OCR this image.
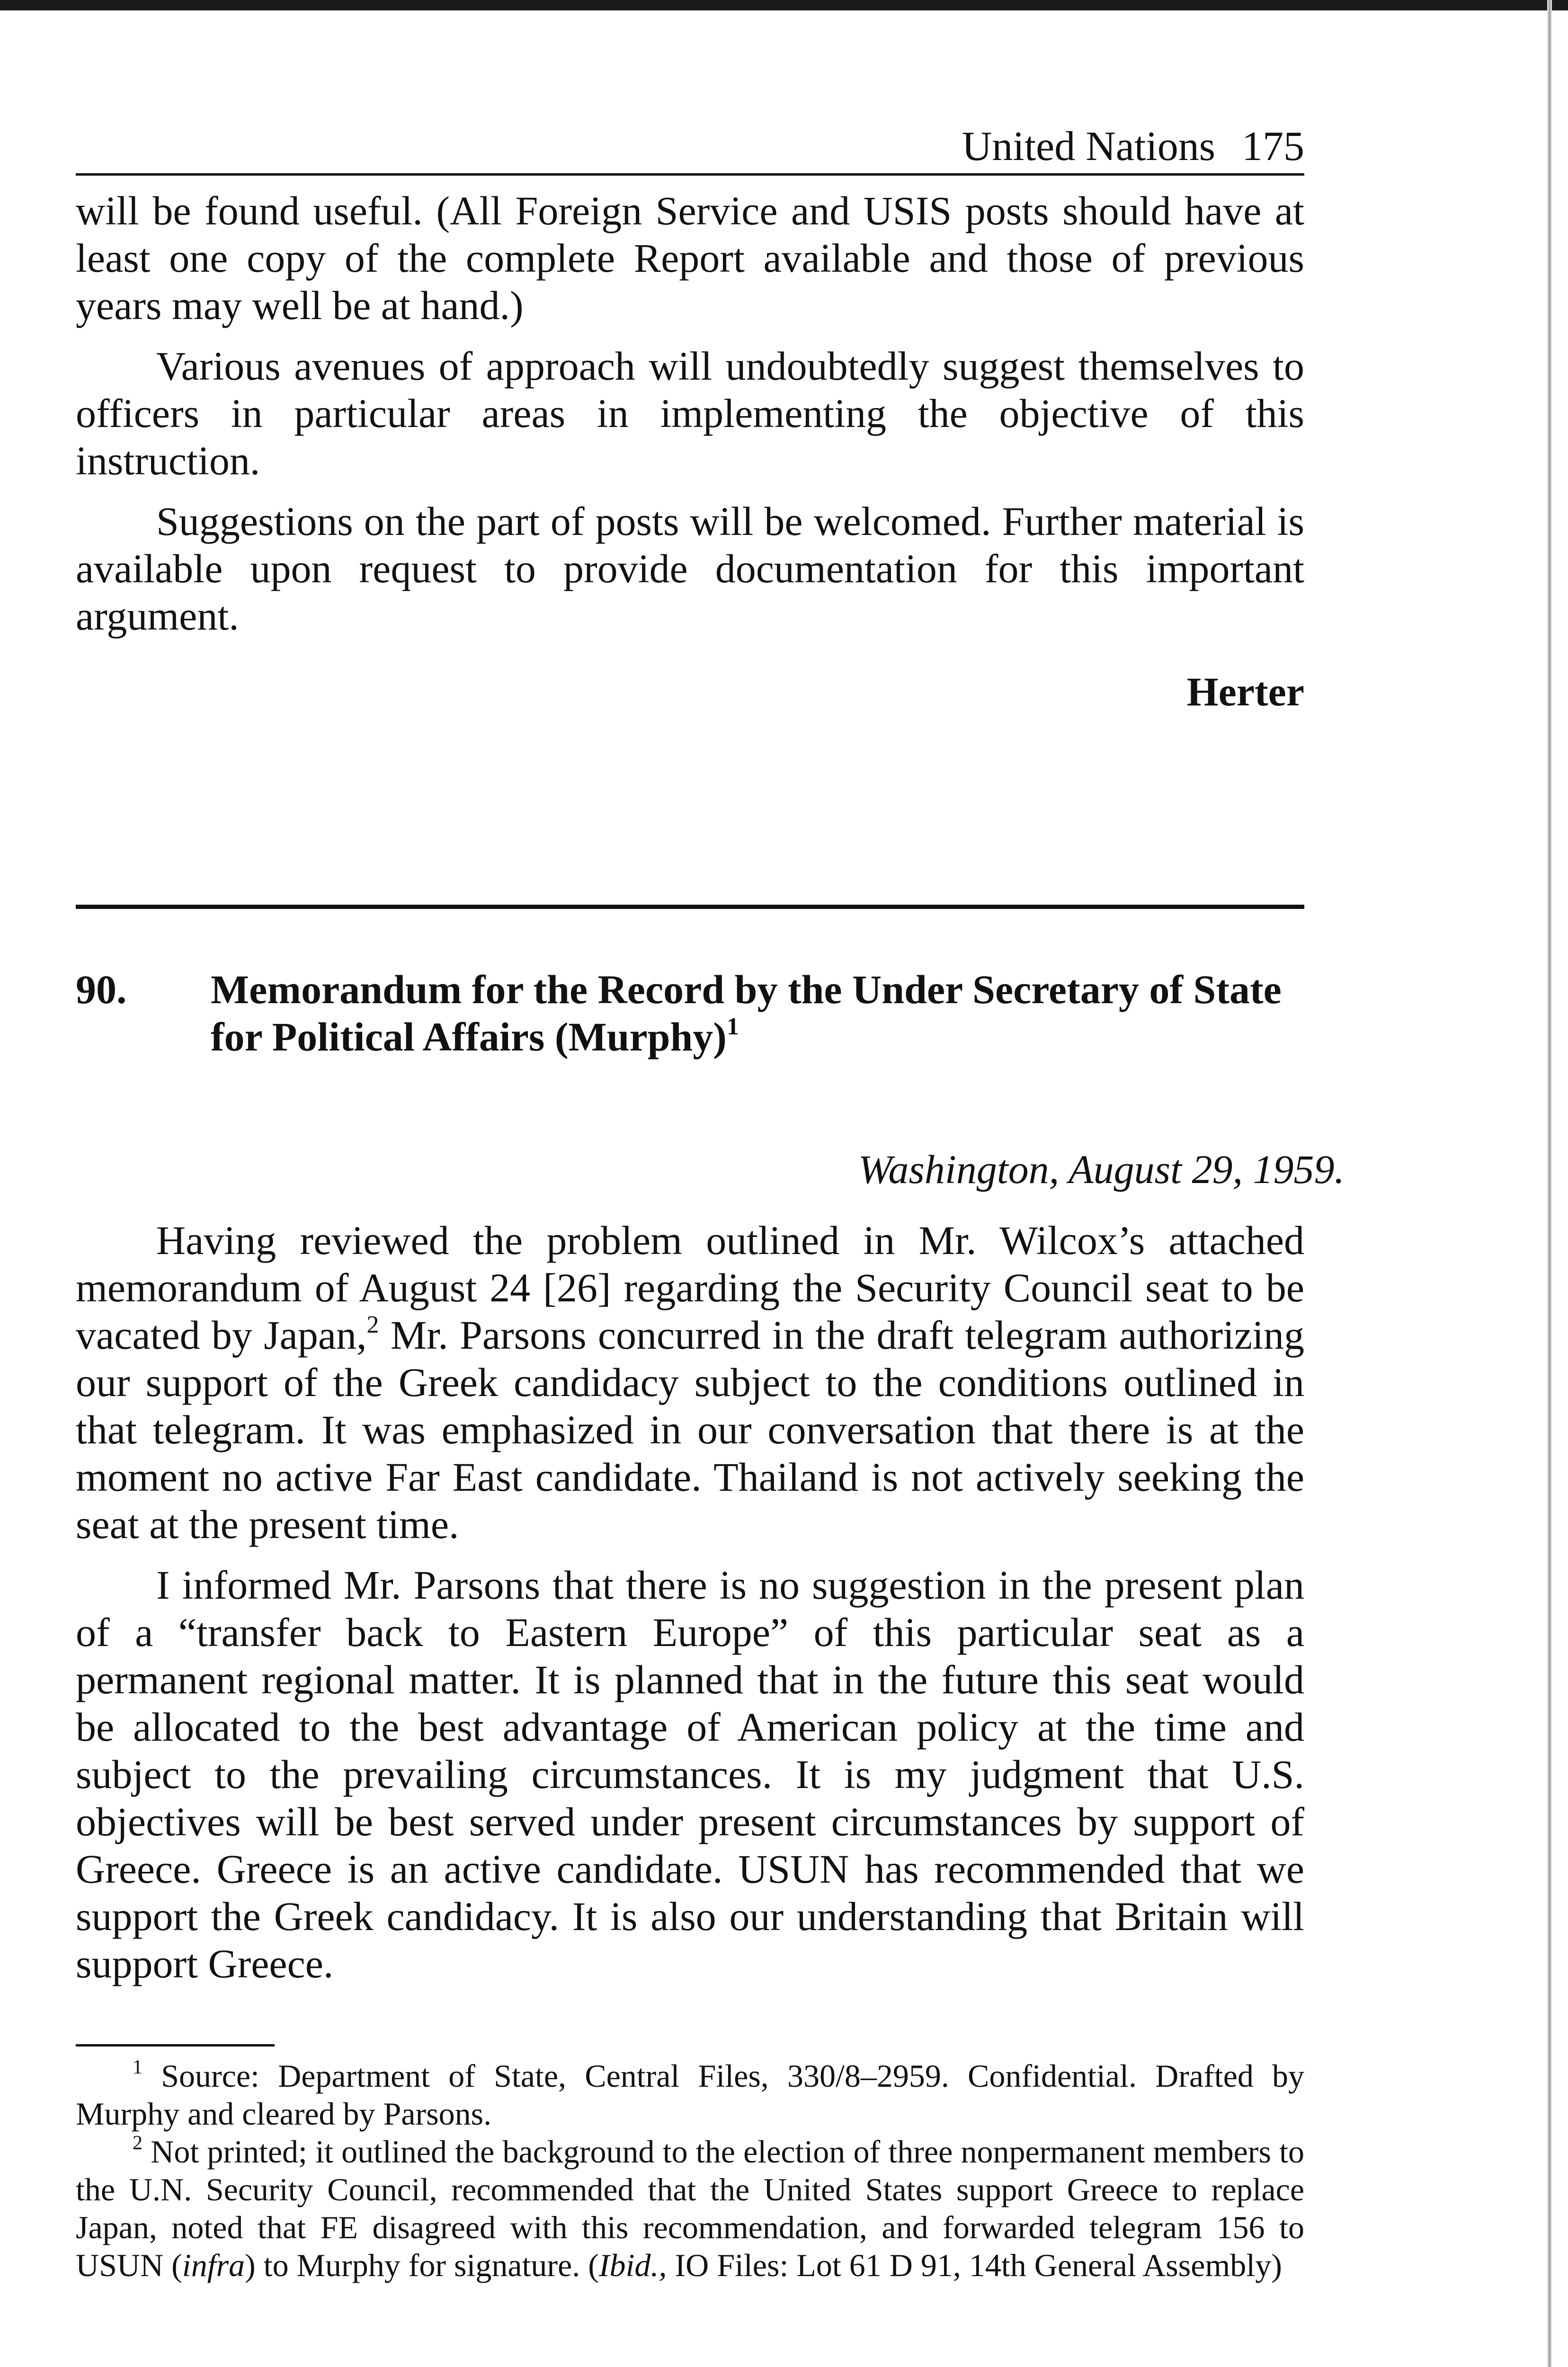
United Nations 175

will be found useful. (All Foreign Service and USIS posts should have at least one copy of the complete Report available and those of previous years may well be at hand.)

Various avenues of approach will undoubtedly suggest themselves to officers in particular areas in implementing the objective of this instruction.

Suggestions on the part of posts will be welcomed. Further material is available upon request to provide documentation for this important argument.

Herter
90.	Memorandum for the Record by the Under Secretary of State for Political Affairs (Murphy)$^1$
Washington, August 29, 1959.

Having reviewed the problem outlined in Mr. Wilcox’s attached memorandum of August 24 [26] regarding the Security Council seat to be vacated by Japan,$^2$ Mr. Parsons concurred in the draft telegram authorizing our support of the Greek candidacy subject to the conditions outlined in that telegram. It was emphasized in our conversation that there is at the moment no active Far East candidate. Thailand is not actively seeking the seat at the present time.

I informed Mr. Parsons that there is no suggestion in the present plan of a “transfer back to Eastern Europe” of this particular seat as a permanent regional matter. It is planned that in the future this seat would be allocated to the best advantage of American policy at the time and subject to the prevailing circumstances. It is my judgment that U.S. objectives will be best served under present circumstances by support of Greece. Greece is an active candidate. USUN has recommended that we support the Greek candidacy. It is also our understanding that Britain will support Greece.

$^1$ Source: Department of State, Central Files, 330/8–2959. Confidential. Drafted by Murphy and cleared by Parsons.

$^2$ Not printed; it outlined the background to the election of three nonpermanent members to the U.N. Security Council, recommended that the United States support Greece to replace Japan, noted that FE disagreed with this recommendation, and forwarded telegram 156 to USUN (infra) to Murphy for signature. (Ibid., IO Files: Lot 61 D 91, 14th General Assembly)
